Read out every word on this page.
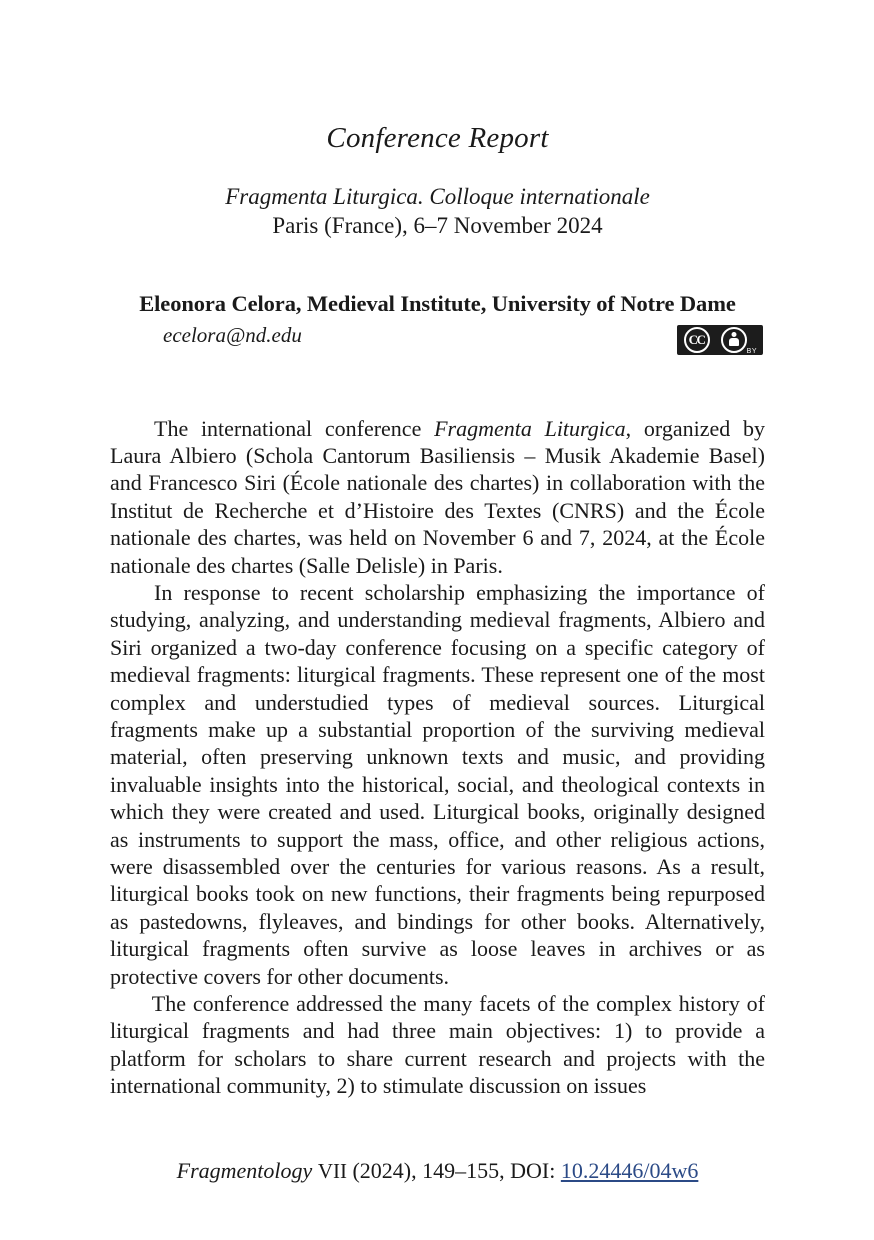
Conference Report
Fragmenta Liturgica. Colloque internationale
Paris (France), 6–7 November 2024
Eleonora Celora, Medieval Institute, University of Notre Dame
ecelora@nd.edu	CC
BY

The international conference Fragmenta Liturgica, organized by Laura Albiero (Schola Cantorum Basiliensis – Musik Akademie Basel) and Francesco Siri (École nationale des chartes) in collaboration with the Institut de Recherche et d’Histoire des Textes (CNRS) and the École nationale des chartes, was held on November 6 and 7, 2024, at the École nationale des chartes (Salle Delisle) in Paris.

In response to recent scholarship emphasizing the importance of studying, analyzing, and understanding medieval fragments, Albiero and Siri organized a two-day conference focusing on a specific category of medieval fragments: liturgical fragments. These represent one of the most complex and understudied types of medieval sources. Liturgical fragments make up a substantial proportion of the surviving medieval material, often preserving unknown texts and music, and providing invaluable insights into the historical, social, and theological contexts in which they were created and used. Liturgical books, originally designed as instruments to support the mass, office, and other religious actions, were disassembled over the centuries for various reasons. As a result, liturgical books took on new functions, their fragments being repurposed as pastedowns, flyleaves, and bindings for other books. Alternatively, liturgical fragments often survive as loose leaves in archives or as protective covers for other documents.

The conference addressed the many facets of the complex history of liturgical fragments and had three main objectives: 1) to provide a platform for scholars to share current research and projects with the international community, 2) to stimulate discussion on issues

Fragmentology VII (2024), 149–155, DOI: 10.24446/04w6
